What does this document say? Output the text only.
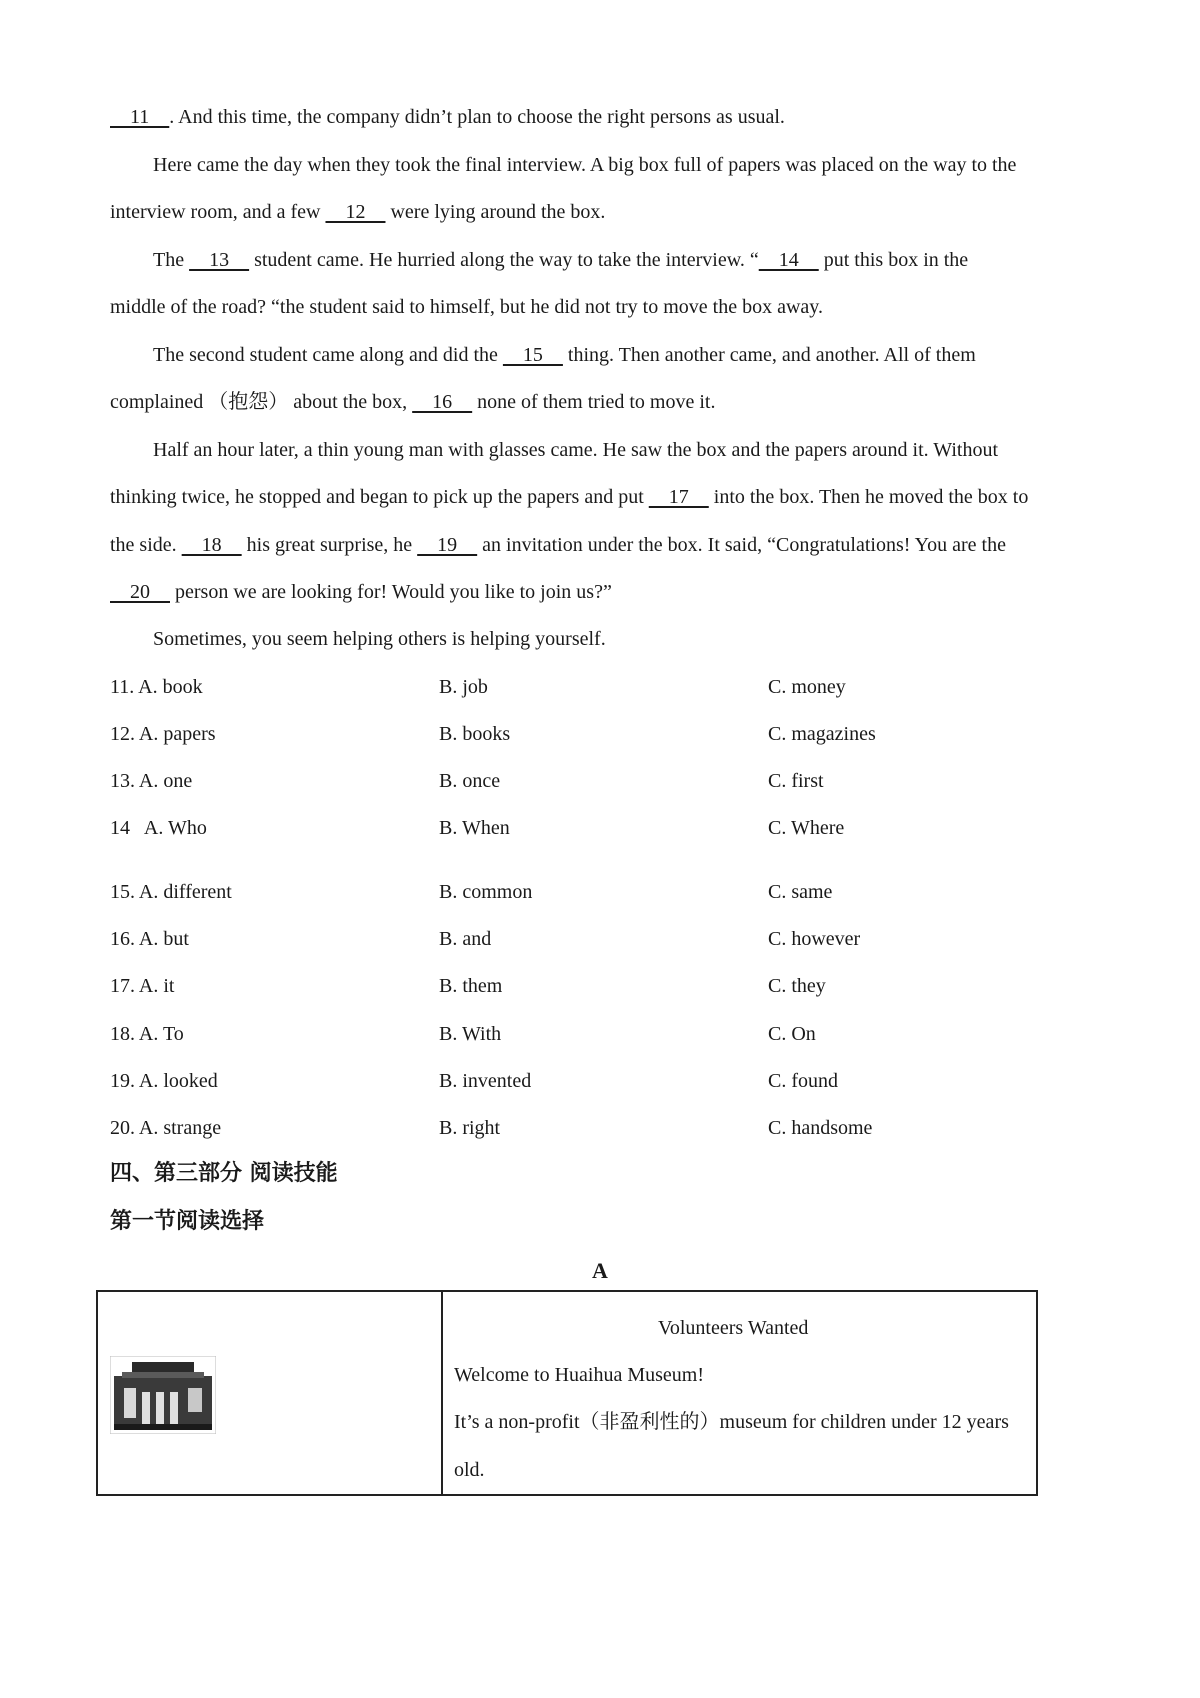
11    . And this time, the company didn’t plan to choose the right persons as usual.
Here came the day when they took the final interview. A big box full of papers was placed on the way to the
interview room, and a few     12     were lying around the box.
The     13     student came. He hurried along the way to take the interview. “    14     put this box in the
middle of the road? “the student said to himself, but he did not try to move the box away.
The second student came along and did the     15     thing. Then another came, and another. All of them
complained （抱怨） about the box,     16     none of them tried to move it.
Half an hour later, a thin young man with glasses came. He saw the box and the papers around it. Without
thinking twice, he stopped and began to pick up the papers and put     17     into the box. Then he moved the box to
the side.     18     his great surprise, he     19     an invitation under the box. It said, “Congratulations! You are the
20     person we are looking for! Would you like to join us?”
Sometimes, you seem helping others is helping yourself.
11. A. book	B. job	C. money
12. A. papers	B. books	C. magazines
13. A. one	B. once	C. first
14   A. Who	B. When	C. Where
15. A. different	B. common	C. same
16. A. but	B. and	C. however
17. A. it	B. them	C. they
18. A. To	B. With	C. On
19. A. looked	B. invented	C. found
20. A. strange	B. right	C. handsome
四、第三部分 阅读技能
第一节阅读选择
A
Volunteers Wanted
Welcome to Huaihua Museum!
It’s a non-profit（非盈利性的）museum for children under 12 years
old.
